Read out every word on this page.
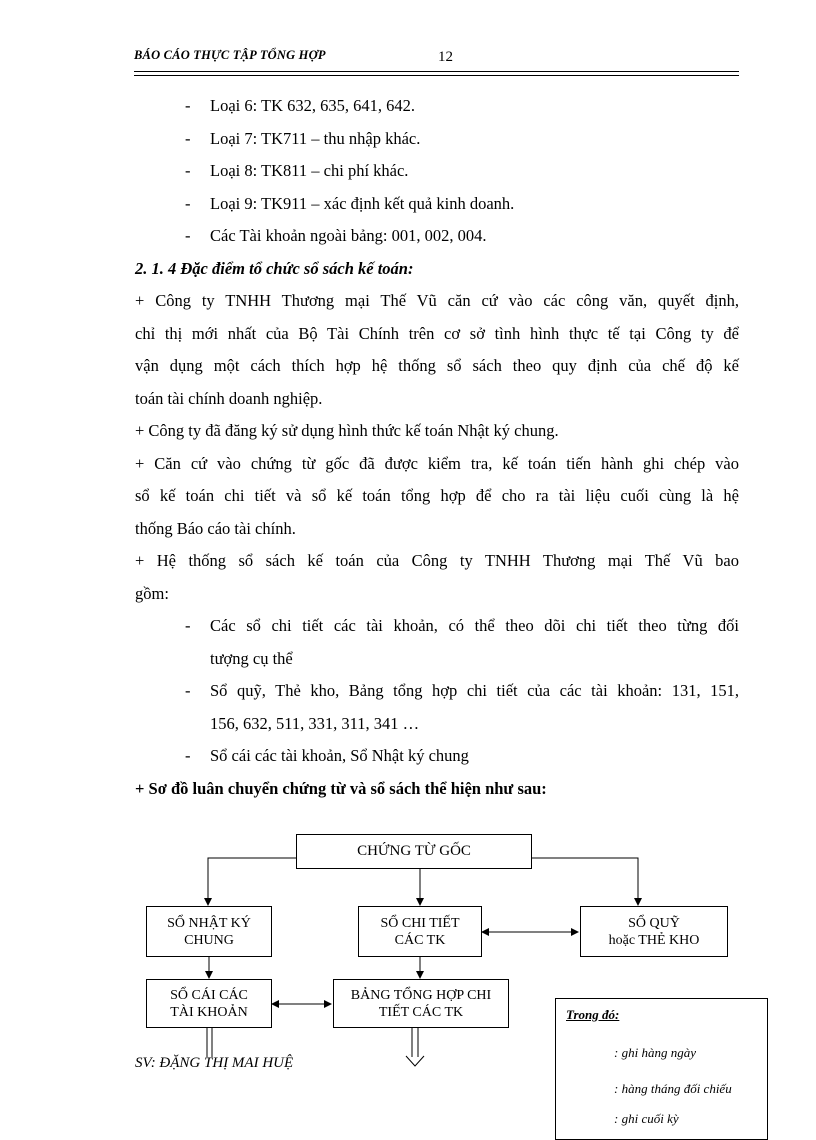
BÁO CÁO THỰC TẬP TỔNG HỢP	12
- Loại 6: TK 632, 635, 641, 642.
- Loại 7: TK711 – thu nhập khác.
- Loại 8: TK811 – chi phí khác.
- Loại 9: TK911 – xác định kết quả kinh doanh.
- Các Tài khoản ngoài bảng: 001, 002, 004.
2. 1. 4 Đặc điểm tổ chức sổ sách kế toán:
+ Công ty TNHH Thương mại Thế Vũ căn cứ vào các công văn, quyết định,
chỉ thị mới nhất của Bộ Tài Chính trên cơ sở tình hình thực tế tại Công ty để
vận dụng một cách thích hợp hệ thống sổ sách theo quy định của chế độ kế
toán tài chính doanh nghiệp.
+ Công ty đã đăng ký sử dụng hình thức kế toán Nhật ký chung.
+ Căn cứ vào chứng từ gốc đã được kiểm tra, kế toán tiến hành ghi chép vào
sổ kế toán chi tiết và sổ kế toán tổng hợp để cho ra tài liệu cuối cùng là hệ
thống Báo cáo tài chính.
+ Hệ thống sổ sách kế toán của Công ty TNHH Thương mại Thế Vũ bao
gồm:
- Các sổ chi tiết các tài khoản, có thể theo dõi chi tiết theo từng đối
tượng cụ thể
- Sổ quỹ, Thẻ kho, Bảng tổng hợp chi tiết của các tài khoản: 131, 151,
156, 632, 511, 331, 311, 341 …
- Sổ cái các tài khoản, Sổ Nhật ký chung
+ Sơ đồ luân chuyển chứng từ và sổ sách thể hiện như sau:
CHỨNG TỪ GỐC
SỔ NHẬT KÝ
CHUNG
SỔ CHI TIẾT
CÁC TK
SỔ QUỸ
hoặc THẺ KHO
SỔ CÁI CÁC
TÀI KHOẢN
BẢNG TỔNG HỢP CHI
TIẾT CÁC TK
SV: ĐẶNG THỊ MAI HUỆ
Trong đó:
: ghi hàng ngày
: hàng tháng đối chiếu
: ghi cuối kỳ
